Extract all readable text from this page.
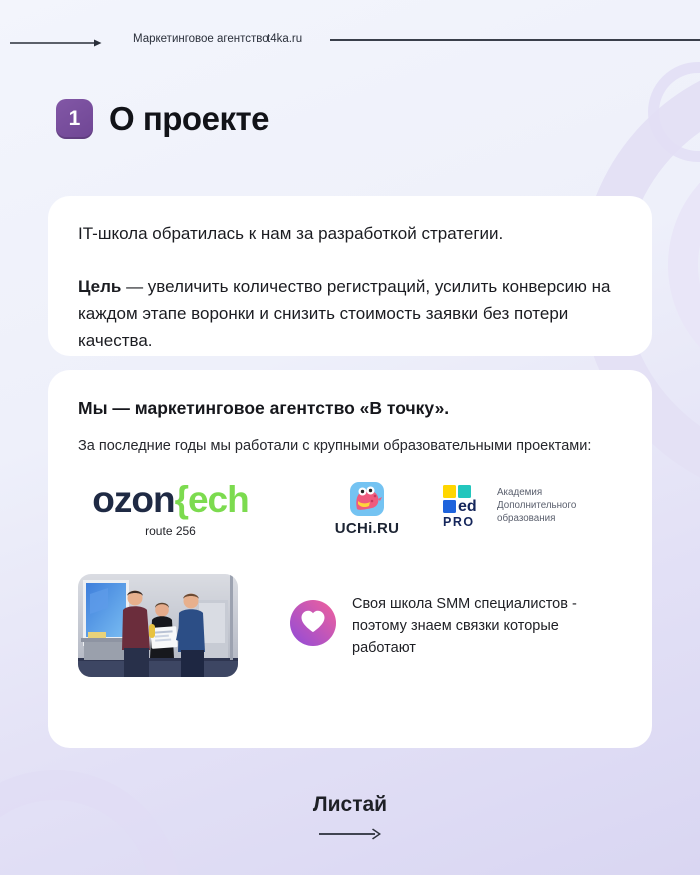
Маркетинговое агентство
t4ka.ru
1 О проекте

IT-школа обратилась к нам за разработкой стратегии.

Цель — увеличить количество регистраций, усилить конверсию на каждом этапе воронки и снизить стоимость заявки без потери качества.

Мы — маркетинговое агентство «В точку».

За последние годы мы работали с крупными образовательными проектами:

ozon{ech
route 256	UCHi.RU
ed
PRO
Академия Дополнительного образования

Своя школа SMM специалистов - поэтому знаем связки которые работают

Листай
